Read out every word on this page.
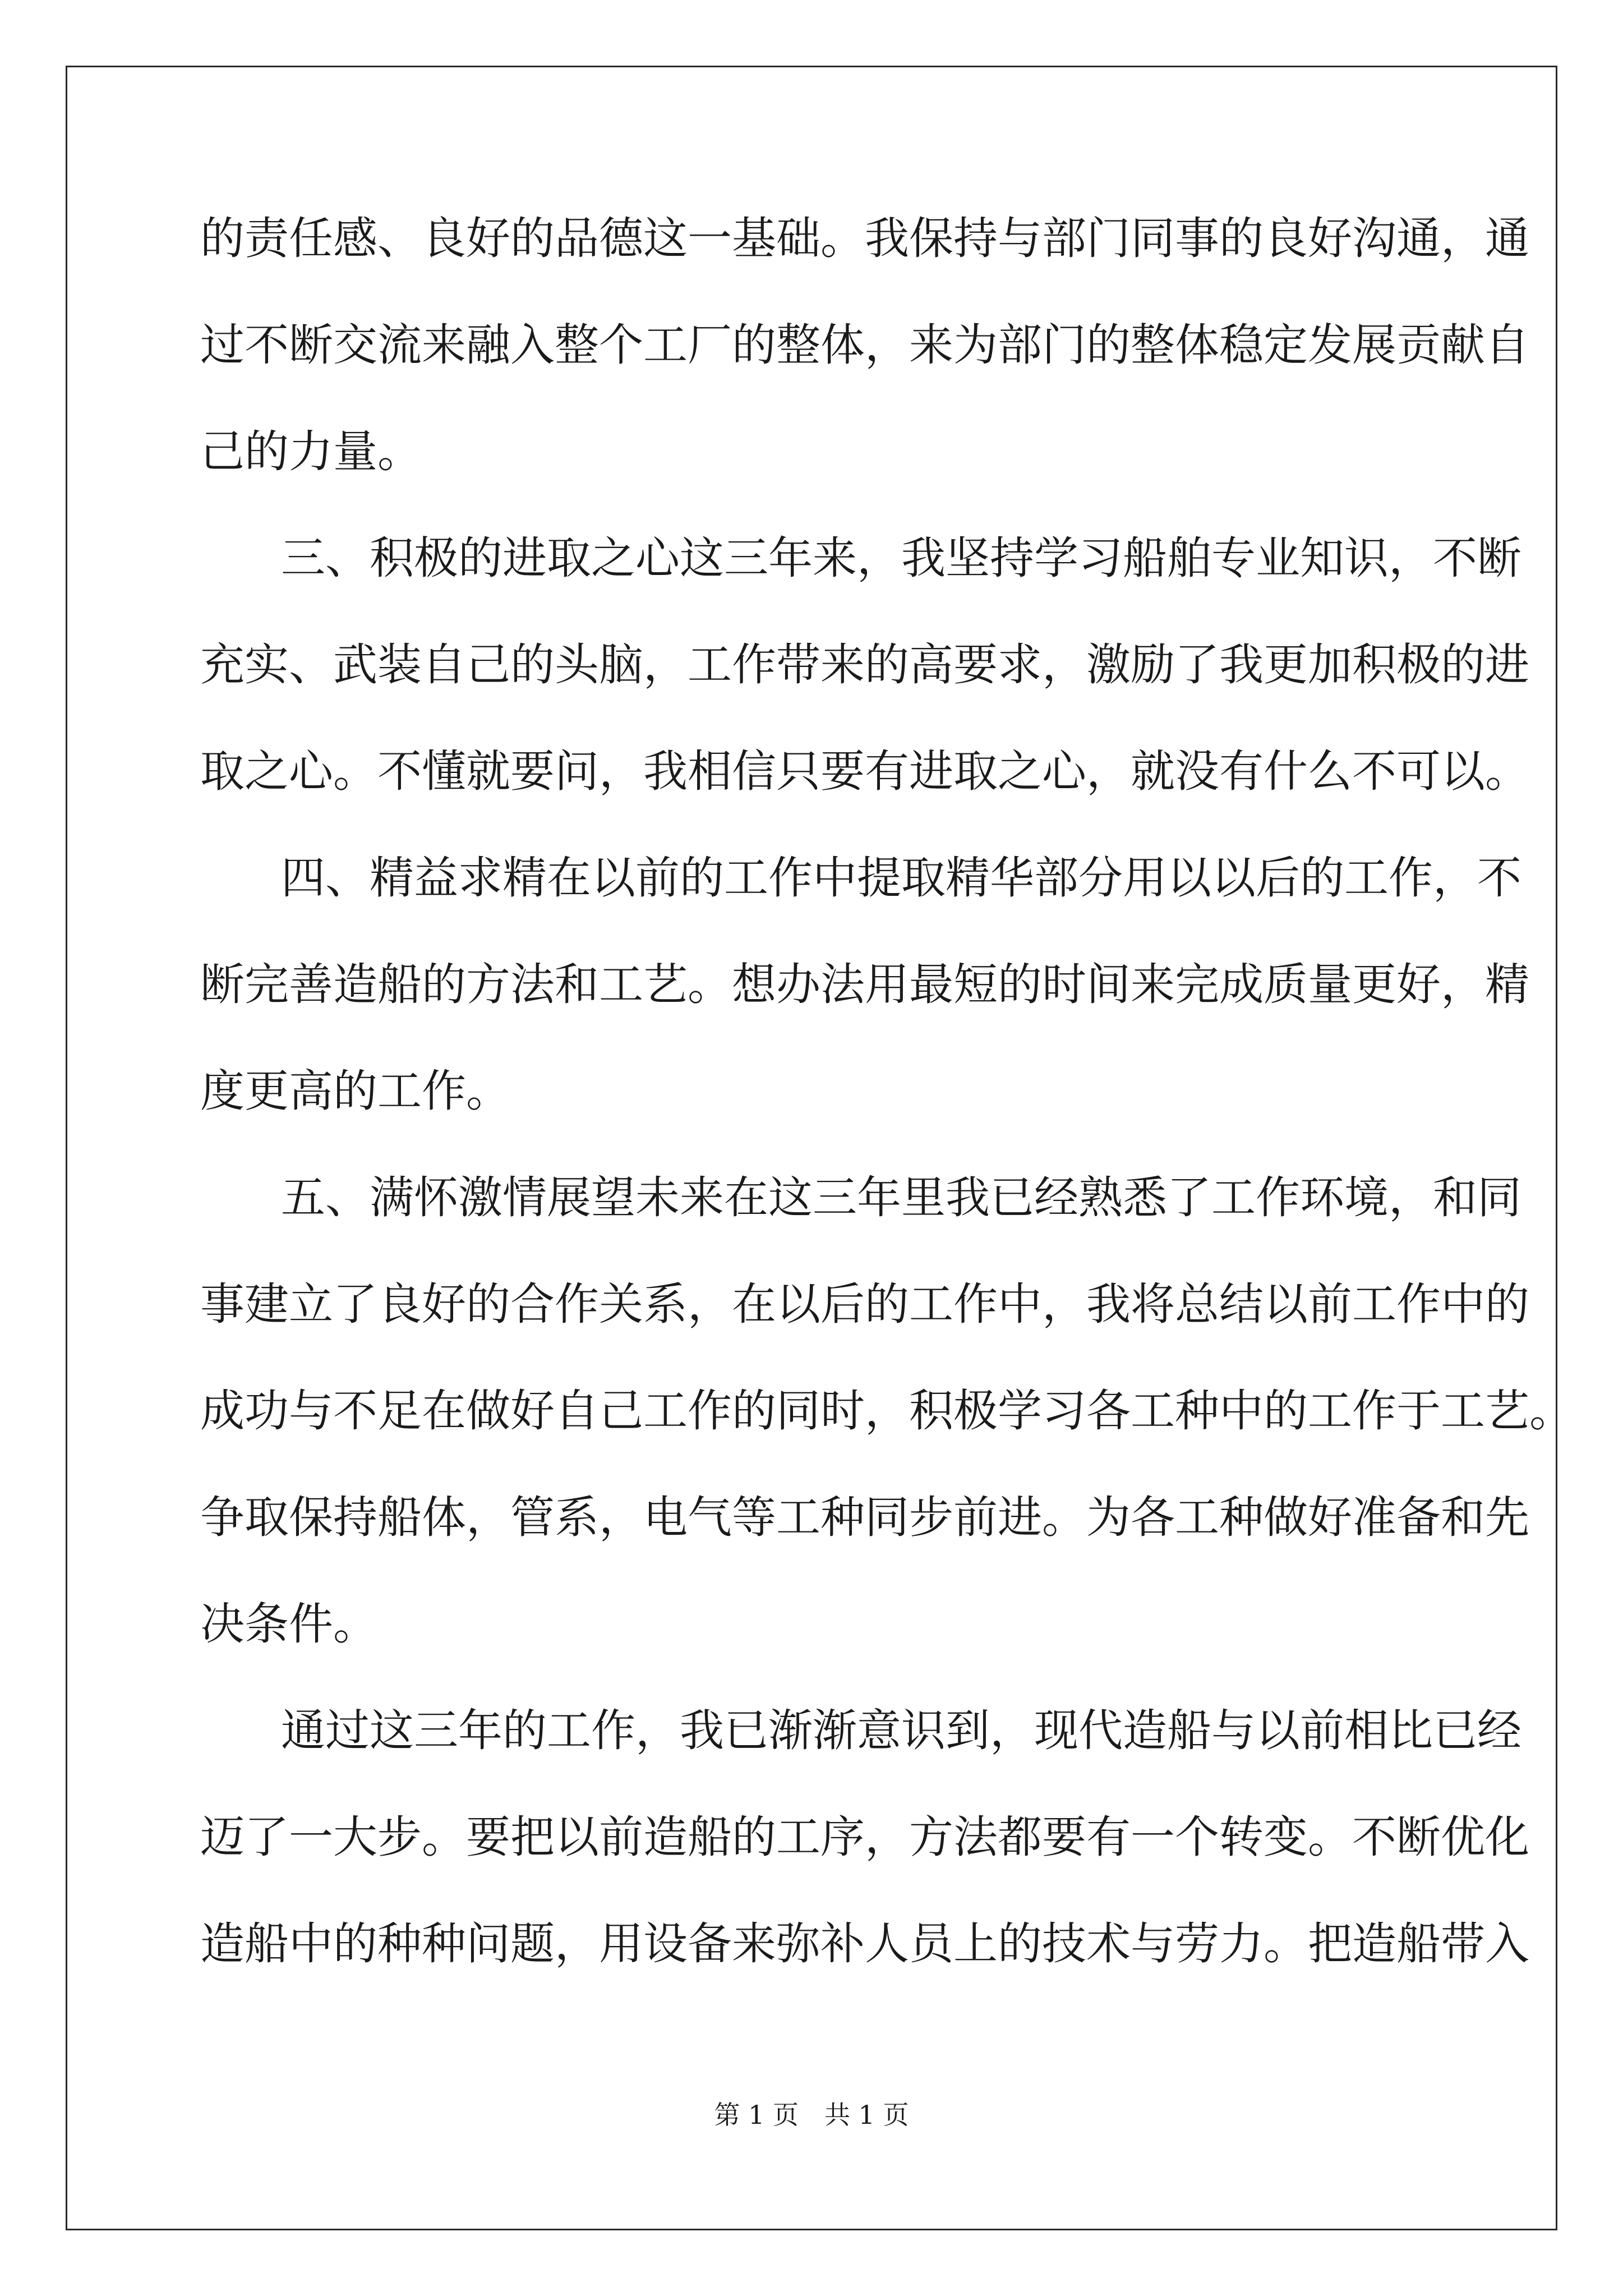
的责任感、良好的品德这一基础。我保持与部门同事的良好沟通，通
过不断交流来融入整个工厂的整体，来为部门的整体稳定发展贡献自
己的力量。
三、积极的进取之心这三年来，我坚持学习船舶专业知识，不断
充实、武装自己的头脑，工作带来的高要求，激励了我更加积极的进
取之心。不懂就要问，我相信只要有进取之心，就没有什么不可以。
四、精益求精在以前的工作中提取精华部分用以以后的工作，不
断完善造船的方法和工艺。想办法用最短的时间来完成质量更好，精
度更高的工作。
五、满怀激情展望未来在这三年里我已经熟悉了工作环境，和同
事建立了良好的合作关系，在以后的工作中，我将总结以前工作中的
成功与不足在做好自己工作的同时，积极学习各工种中的工作于工艺。
争取保持船体，管系，电气等工种同步前进。为各工种做好准备和先
决条件。
通过这三年的工作，我已渐渐意识到，现代造船与以前相比已经
迈了一大步。要把以前造船的工序，方法都要有一个转变。不断优化
造船中的种种问题，用设备来弥补人员上的技术与劳力。把造船带入
第 1 页　共 1 页
